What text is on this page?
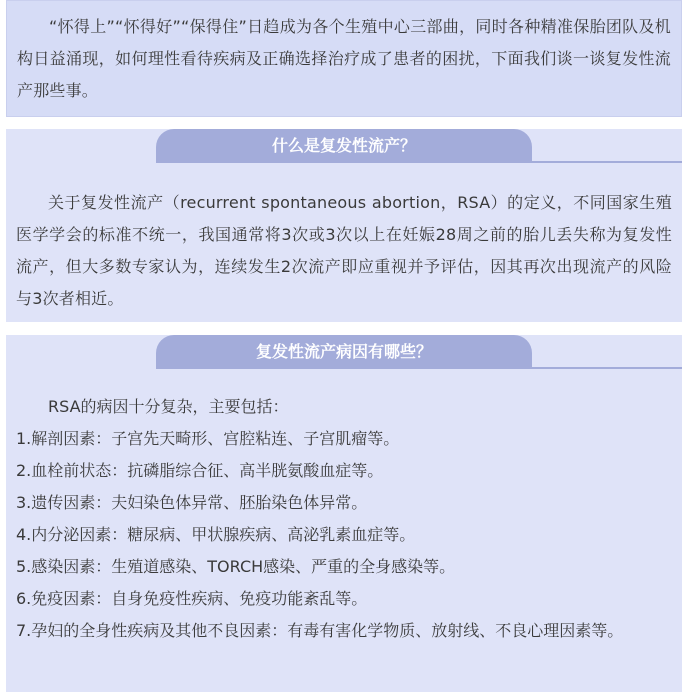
“怀得上”“怀得好”“保得住”日趋成为各个生殖中心三部曲，同时各种精准保胎团队及机构日益涌现，如何理性看待疾病及正确选择治疗成了患者的困扰，下面我们谈一谈复发性流产那些事。

什么是复发性流产？

关于复发性流产（recurrent spontaneous abortion，RSA）的定义，不同国家生殖医学学会的标准不统一，我国通常将3次或3次以上在妊娠28周之前的胎儿丢失称为复发性流产，但大多数专家认为，连续发生2次流产即应重视并予评估，因其再次出现流产的风险与3次者相近。

复发性流产病因有哪些？
RSA的病因十分复杂，主要包括：
1.解剖因素：子宫先天畸形、宫腔粘连、子宫肌瘤等。
2.血栓前状态：抗磷脂综合征、高半胱氨酸血症等。
3.遗传因素：夫妇染色体异常、胚胎染色体异常。
4.内分泌因素：糖尿病、甲状腺疾病、高泌乳素血症等。
5.感染因素：生殖道感染、TORCH感染、严重的全身感染等。
6.免疫因素：自身免疫性疾病、免疫功能紊乱等。
7.孕妇的全身性疾病及其他不良因素：有毒有害化学物质、放射线、不良心理因素等。
